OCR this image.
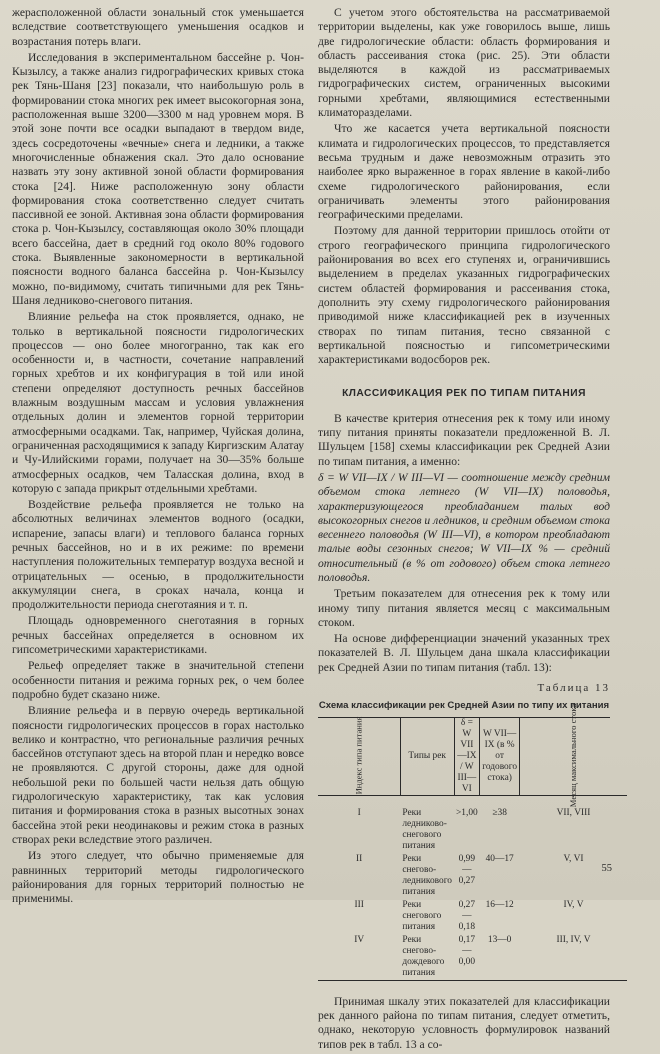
жерасположенной области зональный сток уменьшается вследствие соответствующего уменьшения осадков и возрастания потерь влаги.

Исследования в экспериментальном бассейне р. Чон-Кызылсу, а также анализ гидрографических кривых стока рек Тянь-Шаня [23] показали, что наибольшую роль в формировании стока многих рек имеет высокогорная зона, расположенная выше 3200—3300 м над уровнем моря. В этой зоне почти все осадки выпадают в твердом виде, здесь сосредоточены «вечные» снега и ледники, а также многочисленные обнажения скал. Это дало основание назвать эту зону активной зоной области формирования стока [24]. Ниже расположенную зону области формирования стока соответственно следует считать пассивной ее зоной. Активная зона области формирования стока р. Чон-Кызылсу, составляющая около 30% площади всего бассейна, дает в средний год около 80% годового стока. Выявленные закономерности в вертикальной поясности водного баланса бассейна р. Чон-Кызылсу можно, по-видимому, считать типичными для рек Тянь-Шаня ледниково-снегового питания.

Влияние рельефа на сток проявляется, однако, не только в вертикальной поясности гидрологических процессов — оно более многогранно, так как его особенности и, в частности, сочетание направлений горных хребтов и их конфигурация в той или иной степени определяют доступность речных бассейнов влажным воздушным массам и условия увлажнения отдельных долин и элементов горной территории атмосферными осадками. Так, например, Чуйская долина, ограниченная расходящимися к западу Киргизским Алатау и Чу-Илийскими горами, получает на 30—35% больше атмосферных осадков, чем Таласская долина, вход в которую с запада прикрыт отдельными хребтами.

Воздействие рельефа проявляется не только на абсолютных величинах элементов водного (осадки, испарение, запасы влаги) и теплового баланса горных речных бассейнов, но и в их режиме: по времени наступления положительных температур воздуха весной и отрицательных — осенью, в продолжительности аккумуляции снега, в сроках начала, конца и продолжительности периода снеготаяния и т. п.

Площадь одновременного снеготаяния в горных речных бассейнах определяется в основном их гипсометрическими характеристиками.

Рельеф определяет также в значительной степени особенности питания и режима горных рек, о чем более подробно будет сказано ниже.

Влияние рельефа и в первую очередь вертикальной поясности гидрологических процессов в горах настолько велико и контрастно, что региональные различия речных бассейнов отступают здесь на второй план и нередко вовсе не проявляются. С другой стороны, даже для одной небольшой реки по большей части нельзя дать общую гидрологическую характеристику, так как условия питания и формирования стока в разных высотных зонах бассейна этой реки неодинаковы и режим стока в разных створах реки вследствие этого различен.

Из этого следует, что обычно применяемые для равнинных территорий методы гидрологического районирования для горных территорий полностью не применимы.

С учетом этого обстоятельства на рассматриваемой территории выделены, как уже говорилось выше, лишь две гидрологические области: область формирования и область рассеивания стока (рис. 25). Эти области выделяются в каждой из рассматриваемых гидрографических систем, ограниченных высокими горными хребтами, являющимися естественными климаторазделами.

Что же касается учета вертикальной поясности климата и гидрологических процессов, то представляется весьма трудным и даже невозможным отразить это наиболее ярко выраженное в горах явление в какой-либо схеме гидрологического районирования, если ограничивать элементы этого районирования географическими пределами.

Поэтому для данной территории пришлось отойти от строго географического принципа гидрологического районирования во всех его ступенях и, ограничившись выделением в пределах указанных гидрографических систем областей формирования и рассеивания стока, дополнить эту схему гидрологического районирования приводимой ниже классификацией рек в изученных створах по типам питания, тесно связанной с вертикальной поясностью и гипсометрическими характеристиками водосборов рек.

КЛАССИФИКАЦИЯ РЕК ПО ТИПАМ ПИТАНИЯ

В качестве критерия отнесения рек к тому или иному типу питания приняты показатели предложенной В. Л. Шульцем [158] схемы классификации рек Средней Азии по типам питания, а именно:

δ = W VII—IX / W III—VI — соотношение между средним объемом стока летнего (W VII—IX) половодья, характеризующегося преобладанием талых вод высокогорных снегов и ледников, и средним объемом стока весеннего половодья (W III—VI), в котором преобладают талые воды сезонных снегов; W VII—IX % — средний относительный (в % от годового) объем стока летнего половодья.

Третьим показателем для отнесения рек к тому или иному типу питания является месяц с максимальным стоком.

На основе дифференциации значений указанных трех показателей В. Л. Шульцем дана шкала классификации рек Средней Азии по типам питания (табл. 13):

Таблица 13
Схема классификации рек Средней Азии по типу их питания
Индекс типа питания	Типы рек	δ = W VII—IX / W III—VI	W VII—IX (в % от годового стока)	Месяц максимального стока
I	Реки ледниково-снегового питания	>1,00	≥38	VII, VIII
II	Реки снегово-ледникового питания	0,99—0,27	40—17	V, VI
III	Реки снегового питания	0,27—0,18	16—12	IV, V
IV	Реки снегово-дождевого питания	0,17—0,00	13—0	III, IV, V

Принимая шкалу этих показателей для классификации рек данного района по типам питания, следует отметить, однако, некоторую условность формулировок названий типов рек в табл. 13 а со-

55
